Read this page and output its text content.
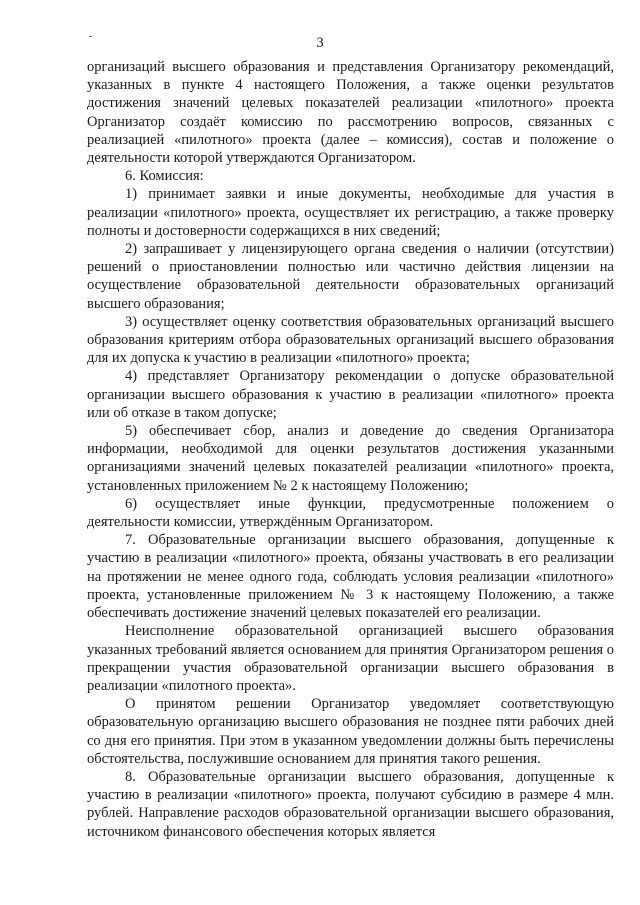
3

организаций высшего образования и представления Организатору рекомендаций, указанных в пункте 4 настоящего Положения, а также оценки результатов достижения значений целевых показателей реализации «пилотного» проекта Организатор создаёт комиссию по рассмотрению вопросов, связанных с реализацией «пилотного» проекта (далее – комиссия), состав и положение о деятельности которой утверждаются Организатором.

6. Комиссия:

1) принимает заявки и иные документы, необходимые для участия в реализации «пилотного» проекта, осуществляет их регистрацию, а также проверку полноты и достоверности содержащихся в них сведений;

2) запрашивает у лицензирующего органа сведения о наличии (отсутствии) решений о приостановлении полностью или частично действия лицензии на осуществление образовательной деятельности образовательных организаций высшего образования;

3) осуществляет оценку соответствия образовательных организаций высшего образования критериям отбора образовательных организаций высшего образования для их допуска к участию в реализации «пилотного» проекта;

4) представляет Организатору рекомендации о допуске образовательной организации высшего образования к участию в реализации «пилотного» проекта или об отказе в таком допуске;

5) обеспечивает сбор, анализ и доведение до сведения Организатора информации, необходимой для оценки результатов достижения указанными организациями значений целевых показателей реализации «пилотного» проекта, установленных приложением № 2 к настоящему Положению;

6) осуществляет иные функции, предусмотренные положением о деятельности комиссии, утверждённым Организатором.

7. Образовательные организации высшего образования, допущенные к участию в реализации «пилотного» проекта, обязаны участвовать в его реализации на протяжении не менее одного года, соблюдать условия реализации «пилотного» проекта, установленные приложением № 3 к настоящему Положению, а также обеспечивать достижение значений целевых показателей его реализации.

Неисполнение образовательной организацией высшего образования указанных требований является основанием для принятия Организатором решения о прекращении участия образовательной организации высшего образования в реализации «пилотного проекта».

О принятом решении Организатор уведомляет соответствующую образовательную организацию высшего образования не позднее пяти рабочих дней со дня его принятия. При этом в указанном уведомлении должны быть перечислены обстоятельства, послужившие основанием для принятия такого решения.

8. Образовательные организации высшего образования, допущенные к участию в реализации «пилотного» проекта, получают субсидию в размере 4 млн. рублей. Направление расходов образовательной организации высшего образования, источником финансового обеспечения которых является
